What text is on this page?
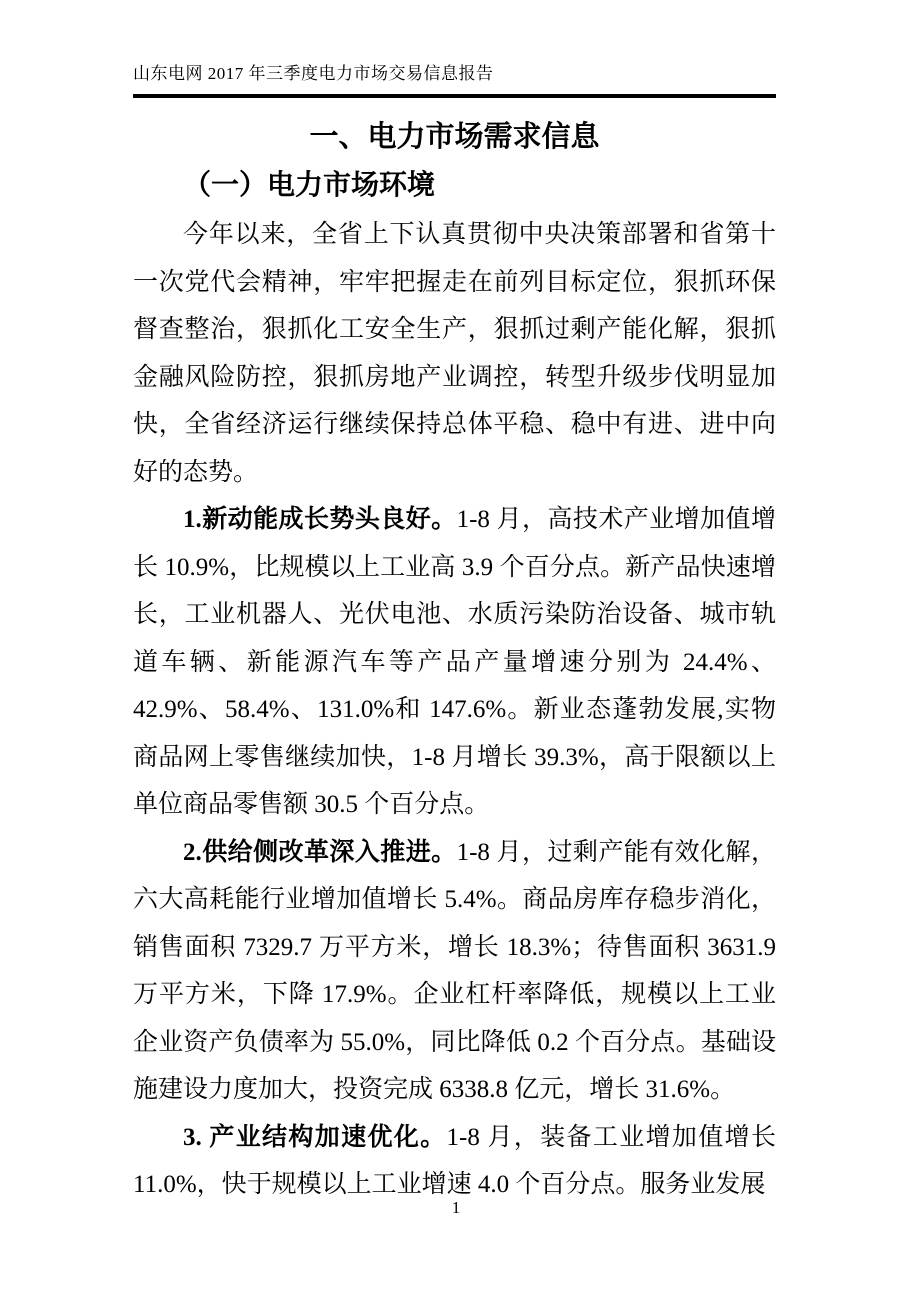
山东电网 2017 年三季度电力市场交易信息报告
一、电力市场需求信息
（一）电力市场环境

今年以来，全省上下认真贯彻中央决策部署和省第十一次党代会精神，牢牢把握走在前列目标定位，狠抓环保督查整治，狠抓化工安全生产，狠抓过剩产能化解，狠抓金融风险防控，狠抓房地产业调控，转型升级步伐明显加快，全省经济运行继续保持总体平稳、稳中有进、进中向好的态势。

1.新动能成长势头良好。1-8 月，高技术产业增加值增长 10.9%，比规模以上工业高 3.9 个百分点。新产品快速增长，工业机器人、光伏电池、水质污染防治设备、城市轨道车辆、新能源汽车等产品产量增速分别为 24.4%、42.9%、58.4%、131.0%和 147.6%。新业态蓬勃发展,实物商品网上零售继续加快，1-8 月增长 39.3%，高于限额以上单位商品零售额 30.5 个百分点。

2.供给侧改革深入推进。1-8 月，过剩产能有效化解，六大高耗能行业增加值增长 5.4%。商品房库存稳步消化，销售面积 7329.7 万平方米，增长 18.3%；待售面积 3631.9 万平方米，下降 17.9%。企业杠杆率降低，规模以上工业企业资产负债率为 55.0%，同比降低 0.2 个百分点。基础设施建设力度加大，投资完成 6338.8 亿元，增长 31.6%。

3. 产业结构加速优化。1-8 月，装备工业增加值增长 11.0%，快于规模以上工业增速 4.0 个百分点。服务业发展

1
